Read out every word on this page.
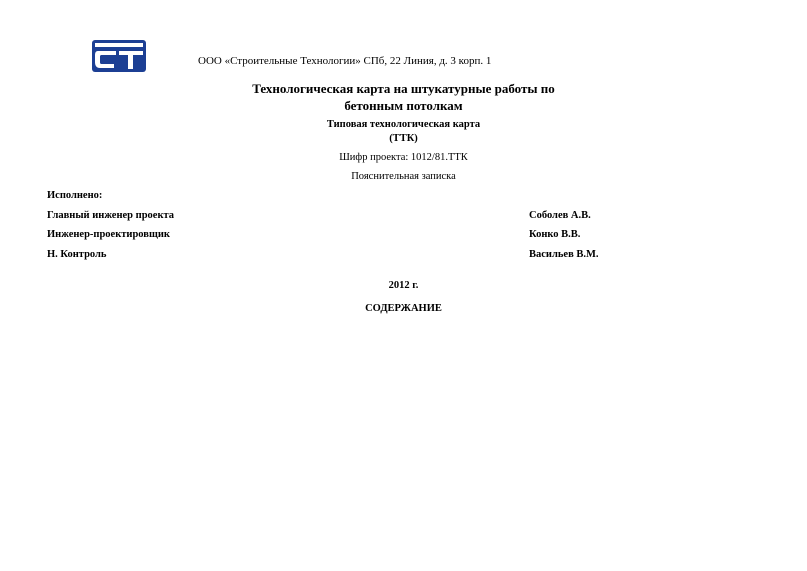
ООО «Строительные Технологии» СПб, 22 Линия, д. 3 корп. 1
Технологическая карта на штукатурные работы по
бетонным потолкам
Типовая технологическая карта
(ТТК)
Шифр проекта: 1012/81.ТТК
Пояснительная записка
Исполнено:
Главный инженер проекта	Соболев А.В.
Инженер-проектировщик	Конко В.В.
Н. Контроль	Васильев В.М.
2012 г.
СОДЕРЖАНИЕ
